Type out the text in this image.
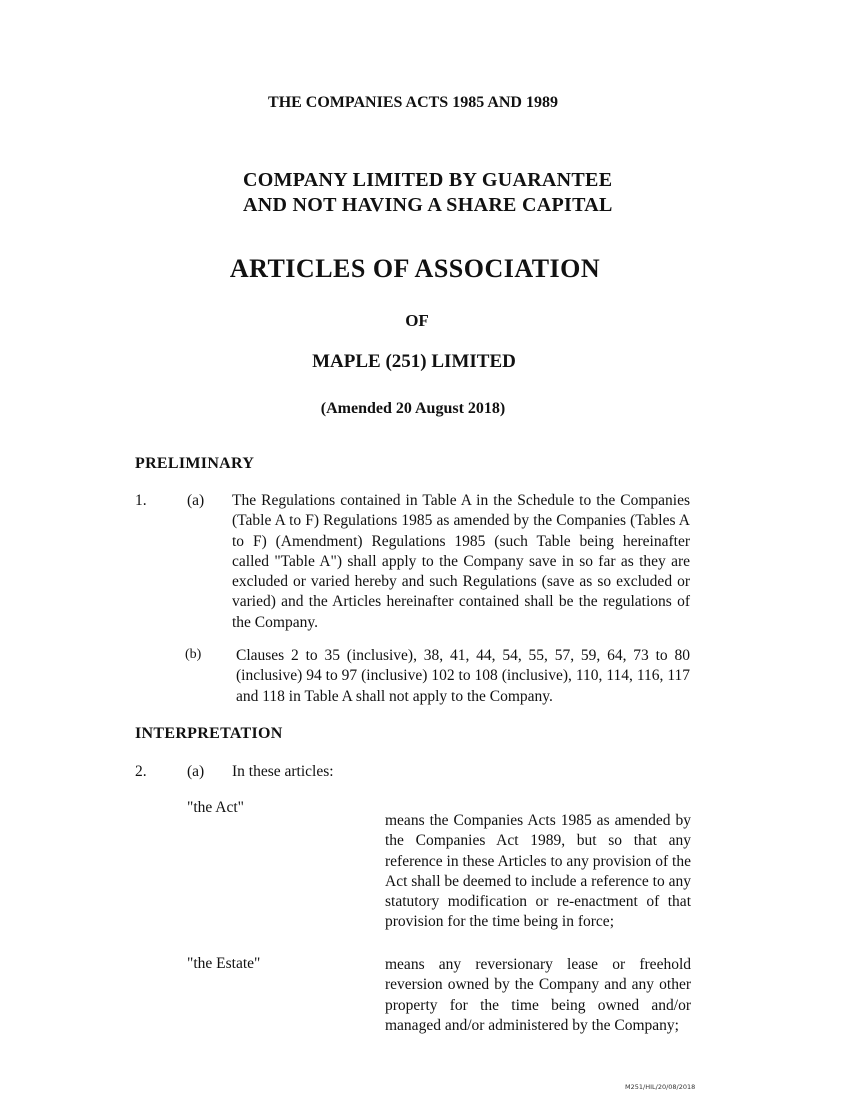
THE COMPANIES ACTS 1985 AND 1989
COMPANY LIMITED BY GUARANTEE
AND NOT HAVING A SHARE CAPITAL
ARTICLES OF ASSOCIATION
OF
MAPLE (251) LIMITED
(Amended 20 August 2018)
PRELIMINARY
1.	(a) The Regulations contained in Table A in the Schedule to the Companies (Table A to F) Regulations 1985 as amended by the Companies (Tables A to F) (Amendment) Regulations 1985 (such Table being hereinafter called "Table A") shall apply to the Company save in so far as they are excluded or varied hereby and such Regulations (save as so excluded or varied) and the Articles hereinafter contained shall be the regulations of the Company.
(b) Clauses 2 to 35 (inclusive), 38, 41, 44, 54, 55, 57, 59, 64, 73 to 80 (inclusive) 94 to 97 (inclusive) 102 to 108 (inclusive), 110, 114, 116, 117 and 118 in Table A shall not apply to the Company.
INTERPRETATION
2.	(a) In these articles:
"the Act"
means the Companies Acts 1985 as amended by the Companies Act 1989, but so that any reference in these Articles to any provision of the Act shall be deemed to include a reference to any statutory modification or re-enactment of that provision for the time being in force;
"the Estate"	means any reversionary lease or freehold reversion owned by the Company and any other property for the time being owned and/or managed and/or administered by the Company;
M251/HIL/20/08/2018
